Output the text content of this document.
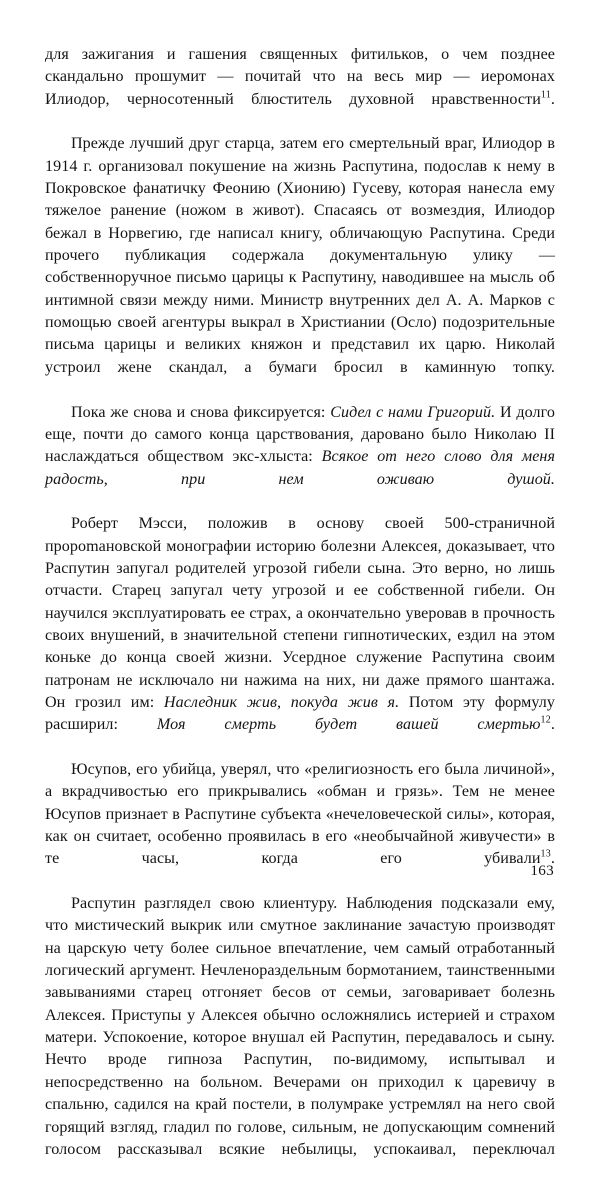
для зажигания и гашения священных фитильков, о чем позднее скандально прошумит — почитай что на весь мир — иеромонах Илиодор, черносотенный блюститель духовной нравственности$^{11}$.

Прежде лучший друг старца, затем его смертельный враг, Илиодор в 1914 г. организовал покушение на жизнь Распутина, подослав к нему в Покровское фанатичку Феонию (Хионию) Гусеву, которая нанесла ему тяжелое ранение (ножом в живот). Спасаясь от возмездия, Илиодор бежал в Норвегию, где написал книгу, обличающую Распутина. Среди прочего публикация содержала документальную улику — собственноручное письмо царицы к Распутину, наводившее на мысль об интимной связи между ними. Министр внутренних дел А. А. Марков с помощью своей агентуры выкрал в Христиании (Осло) подозрительные письма царицы и великих княжон и представил их царю. Николай устроил жене скандал, а бумаги бросил в каминную топку.

Пока же снова и снова фиксируется: Сидел с нами Григорий. И долго еще, почти до самого конца царствования, даровано было Николаю II наслаждаться обществом экс-хлыста: Всякое от него слово для меня радость, при нем оживаю душой.

Роберт Мэсси, положив в основу своей 500-страничной прорomановской монографии историю болезни Алексея, доказывает, что Распутин запугал родителей угрозой гибели сына. Это верно, но лишь отчасти. Старец запугал чету угрозой и ее собственной гибели. Он научился эксплуатировать ее страх, а окончательно уверовав в прочность своих внушений, в значительной степени гипнотических, ездил на этом коньке до конца своей жизни. Усердное служение Распутина своим патронам не исключало ни нажима на них, ни даже прямого шантажа. Он грозил им: Наследник жив, покуда жив я. Потом эту формулу расширил: Моя смерть будет вашей смертью$^{12}$.

Юсупов, его убийца, уверял, что «религиозность его была личиной», а вкрадчивостью его прикрывались «обман и грязь». Тем не менее Юсупов признает в Распутине субъекта «нечеловеческой силы», которая, как он считает, особенно проявилась в его «необычайной живучести» в те часы, когда его убивали$^{13}$.

Распутин разглядел свою клиентуру. Наблюдения подсказали ему, что мистический выкрик или смутное заклинание зачастую производят на царскую чету более сильное впечатление, чем самый отработанный логический аргумент. Нечленораздельным бормотанием, таинственными завываниями старец отгоняет бесов от семьи, заговаривает болезнь Алексея. Приступы у Алексея обычно осложнялись истерией и страхом матери. Успокоение, которое внушал ей Распутин, передавалось и сыну. Нечто вроде гипноза Распутин, по-видимому, испытывал и непосредственно на больном. Вечерами он приходил к царевичу в спальню, садился на край постели, в полумраке устремлял на него свой горящий взгляд, гладил по голове, сильным, не допускающим сомнений голосом рассказывал всякие небылицы, успокаивал, переключал

163
